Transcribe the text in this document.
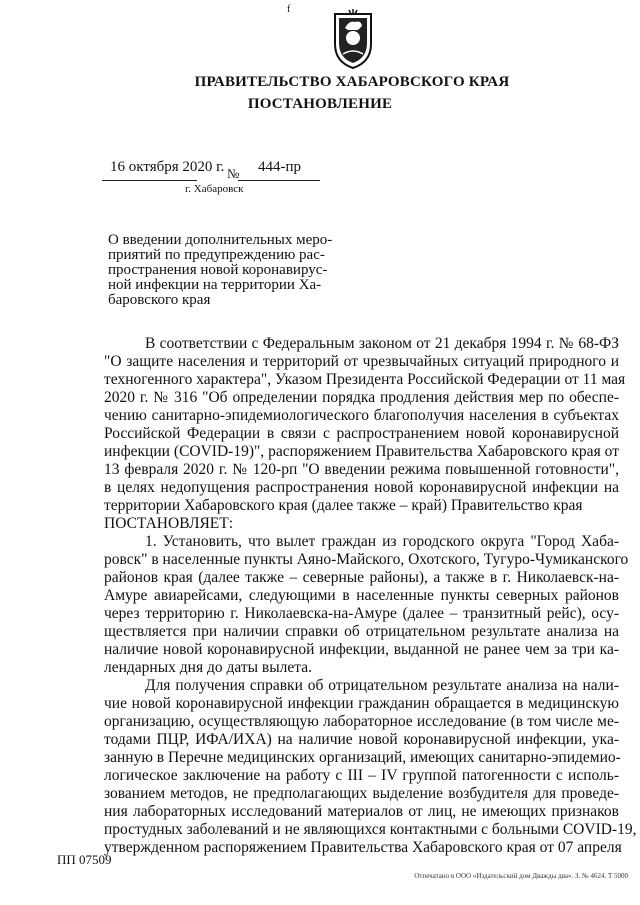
f
ПРАВИТЕЛЬСТВО ХАБАРОВСКОГО КРАЯ
ПОСТАНОВЛЕНИЕ
16 октября 2020 г. № 444-пр
г. Хабаровск
О введении дополнительных меро-
приятий по предупреждению рас-
пространения новой коронавирус-
ной инфекции на территории Ха-
баровского края
В соответствии с Федеральным законом от 21 декабря 1994 г. № 68-ФЗ
"О защите населения и территорий от чрезвычайных ситуаций природного и
техногенного характера", Указом Президента Российской Федерации от 11 мая
2020 г. № 316 "Об определении порядка продления действия мер по обеспе-
чению санитарно-эпидемиологического благополучия населения в субъектах
Российской Федерации в связи с распространением новой коронавирусной
инфекции (COVID-19)", распоряжением Правительства Хабаровского края от
13 февраля 2020 г. № 120-рп "О введении режима повышенной готовности",
в целях недопущения распространения новой коронавирусной инфекции на
территории Хабаровского края (далее также – край) Правительство края
ПОСТАНОВЛЯЕТ:
1. Установить, что вылет граждан из городского округа "Город Хаба-
ровск" в населенные пункты Аяно-Майского, Охотского, Тугуро-Чумиканского
районов края (далее также – северные районы), а также в г. Николаевск-на-
Амуре авиарейсами, следующими в населенные пункты северных районов
через территорию г. Николаевска-на-Амуре (далее – транзитный рейс), осу-
ществляется при наличии справки об отрицательном результате анализа на
наличие новой коронавирусной инфекции, выданной не ранее чем за три ка-
лендарных дня до даты вылета.
Для получения справки об отрицательном результате анализа на нали-
чие новой коронавирусной инфекции гражданин обращается в медицинскую
организацию, осуществляющую лабораторное исследование (в том числе ме-
тодами ПЦР, ИФА/ИХА) на наличие новой коронавирусной инфекции, ука-
занную в Перечне медицинских организаций, имеющих санитарно-эпидемио-
логическое заключение на работу с III – IV группой патогенности с исполь-
зованием методов, не предполагающих выделение возбудителя для проведе-
ния лабораторных исследований материалов от лиц, не имеющих признаков
простудных заболеваний и не являющихся контактными с больными COVID-19,
утвержденном распоряжением Правительства Хабаровского края от 07 апреля
ПП 07509
Отпечатано в ООО «Издательский дом Дважды два». З. № 4624. Т 5000
